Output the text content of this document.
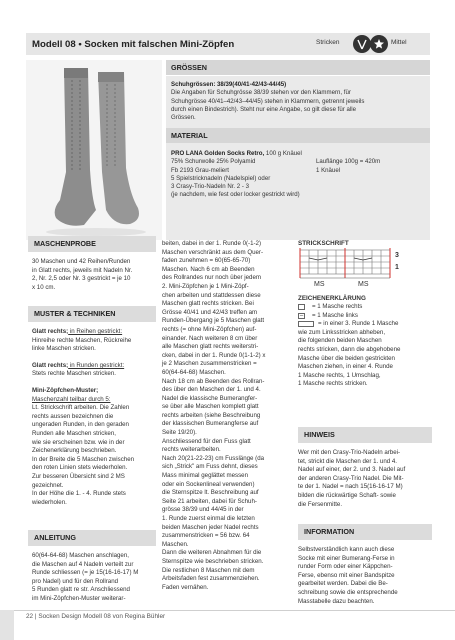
Modell 08 • Socken mit falschen Mini-Zöpfen	Stricken	Mittel
GRÖSSEN
Schuhgrössen: 38/39(40/41-42/43-44/45)
Die Angaben für Schuhgrösse 38/39 stehen vor den Klammern, für
Schuhgrösse 40/41–42/43–44/45) stehen in Klammern, getrennt jeweils
durch einen Bindestrich). Steht nur eine Angabe, so gilt diese für alle
Grössen.
MATERIAL
PRO LANA Golden Socks Retro, 100 g Knäuel
75% Schurwolle 25% Polyamid	Lauflänge 100g = 420m
Fb 2193 Grau-meliert	1 Knäuel
5 Spielstricknadeln (Nadelspiel) oder
3 Crasy-Trio-Nadeln Nr. 2 - 3
(je nachdem, wie fest oder locker gestrickt wird)
MASCHENPROBE
30 Maschen und 42 Reihen/Runden
in Glatt rechts, jeweils mit Nadeln Nr.
2, Nr. 2,5 oder Nr. 3 gestrickt = je 10
x 10 cm.
MUSTER & TECHNIKEN
Glatt rechts; in Reihen gestrickt:
Hinreihe rechte Maschen, Rückreihe
linke Maschen stricken.
Glatt rechts; in Runden gestrickt:
Stets rechte Maschen stricken.
Mini-Zöpfchen-Muster;
Maschenzahl teilbar durch 5:
Lt. Strickschrift arbeiten. Die Zahlen
rechts aussen bezeichnen die
ungeraden Runden, in den geraden
Runden alle Maschen stricken,
wie sie erscheinen bzw. wie in der
Zeichenerklärung beschrieben.
In der Breite die 5 Maschen zwischen
den roten Linien stets wiederholen.
Zur besseren Übersicht sind 2 MS
gezeichnet.
In der Höhe die 1. - 4. Runde stets
wiederholen.
ANLEITUNG
60(64-64-68) Maschen anschlagen,
die Maschen auf 4 Nadeln verteilt zur
Runde schliessen (= je 15(16-16-17) M
pro Nadel) und für den Rollrand
5 Runden glatt re str. Anschliessend
im Mini-Zöpfchen-Muster weiterar-
beiten, dabei in der 1. Runde 0(-1-2)
Maschen verschränkt aus dem Quer-
faden zunehmen = 60(65-65-70)
Maschen. Nach 6 cm ab Beenden
des Rollrandes nur noch über jedem
2. Mini-Zöpfchen je 1 Mini-Zöpf-
chen arbeiten und stattdessen diese
Maschen glatt rechts stricken. Bei
Grösse 40/41 und 42/43 treffen am
Runden-Übergang je 5 Maschen glatt
rechts (= ohne Mini-Zöpfchen) auf-
einander. Nach weiteren 8 cm über
alle Maschen glatt rechts weiterstri-
cken, dabei in der 1. Runde 0(1-1-2) x
je 2 Maschen zusammenstricken =
60(64-64-68) Maschen.
Nach 18 cm ab Beenden des Rollran-
des über den Maschen der 1. und 4.
Nadel die klassische Bumerangfer-
se über alle Maschen komplett glatt
rechts arbeiten (siehe Beschreibung
der klassischen Bumerangferse auf
Seite 19/20).
Anschliessend für den Fuss glatt
rechts weiterarbeiten.
Nach 20(21-22-23) cm Fusslänge (da
sich „Strick" am Fuss dehnt, dieses
Mass minimal geglättet messen
oder ein Sockenlineal verwenden)
die Sternspitze lt. Beschreibung auf
Seite 21 arbeiten, dabei für Schuh-
grösse 38/39 und 44/45 in der
1. Runde zuerst einmal die letzten
beiden Maschen jeder Nadel rechts
zusammenstricken = 56 bzw. 64
Maschen.
Dann die weiteren Abnahmen für die
Sternspitze wie beschrieben stricken.
Die restlichen 8 Maschen mit dem
Arbeitsfaden fest zusammenziehen.
Faden vernähen.
STRICKSCHRIFT
3
1
MS	MS
ZEICHENERKLÄRUNG
= 1 Masche rechts
– = 1 Masche links
= in einer 3. Runde 1 Masche
wie zum Linksstricken abheben,
die folgenden beiden Maschen
rechts stricken, dann die abgehobene
Masche über die beiden gestrickten
Maschen ziehen, in einer 4. Runde
1 Masche rechts, 1 Umschlag,
1 Masche rechts stricken.
HINWEIS
Wer mit den Crasy-Trio-Nadeln arbei-
tet, strickt die Maschen der 1. und 4.
Nadel auf einer, der 2. und 3. Nadel auf
der anderen Crasy-Trio Nadel. Die Mit-
te der 1. Nadel = nach 15(16-16-17 M)
bilden die rückwärtige Schaft- sowie
die Fersenmitte.
INFORMATION
Selbstverständlich kann auch diese
Socke mit einer Bumerang-Ferse in
runder Form oder einer Käppchen-
Ferse, ebenso mit einer Bandspitze
gearbeitet werden. Dabei die Be-
schreibung sowie die entsprechende
Masstabelle dazu beachten.
22 | Socken Design Modell 08 von Regina Bühler
